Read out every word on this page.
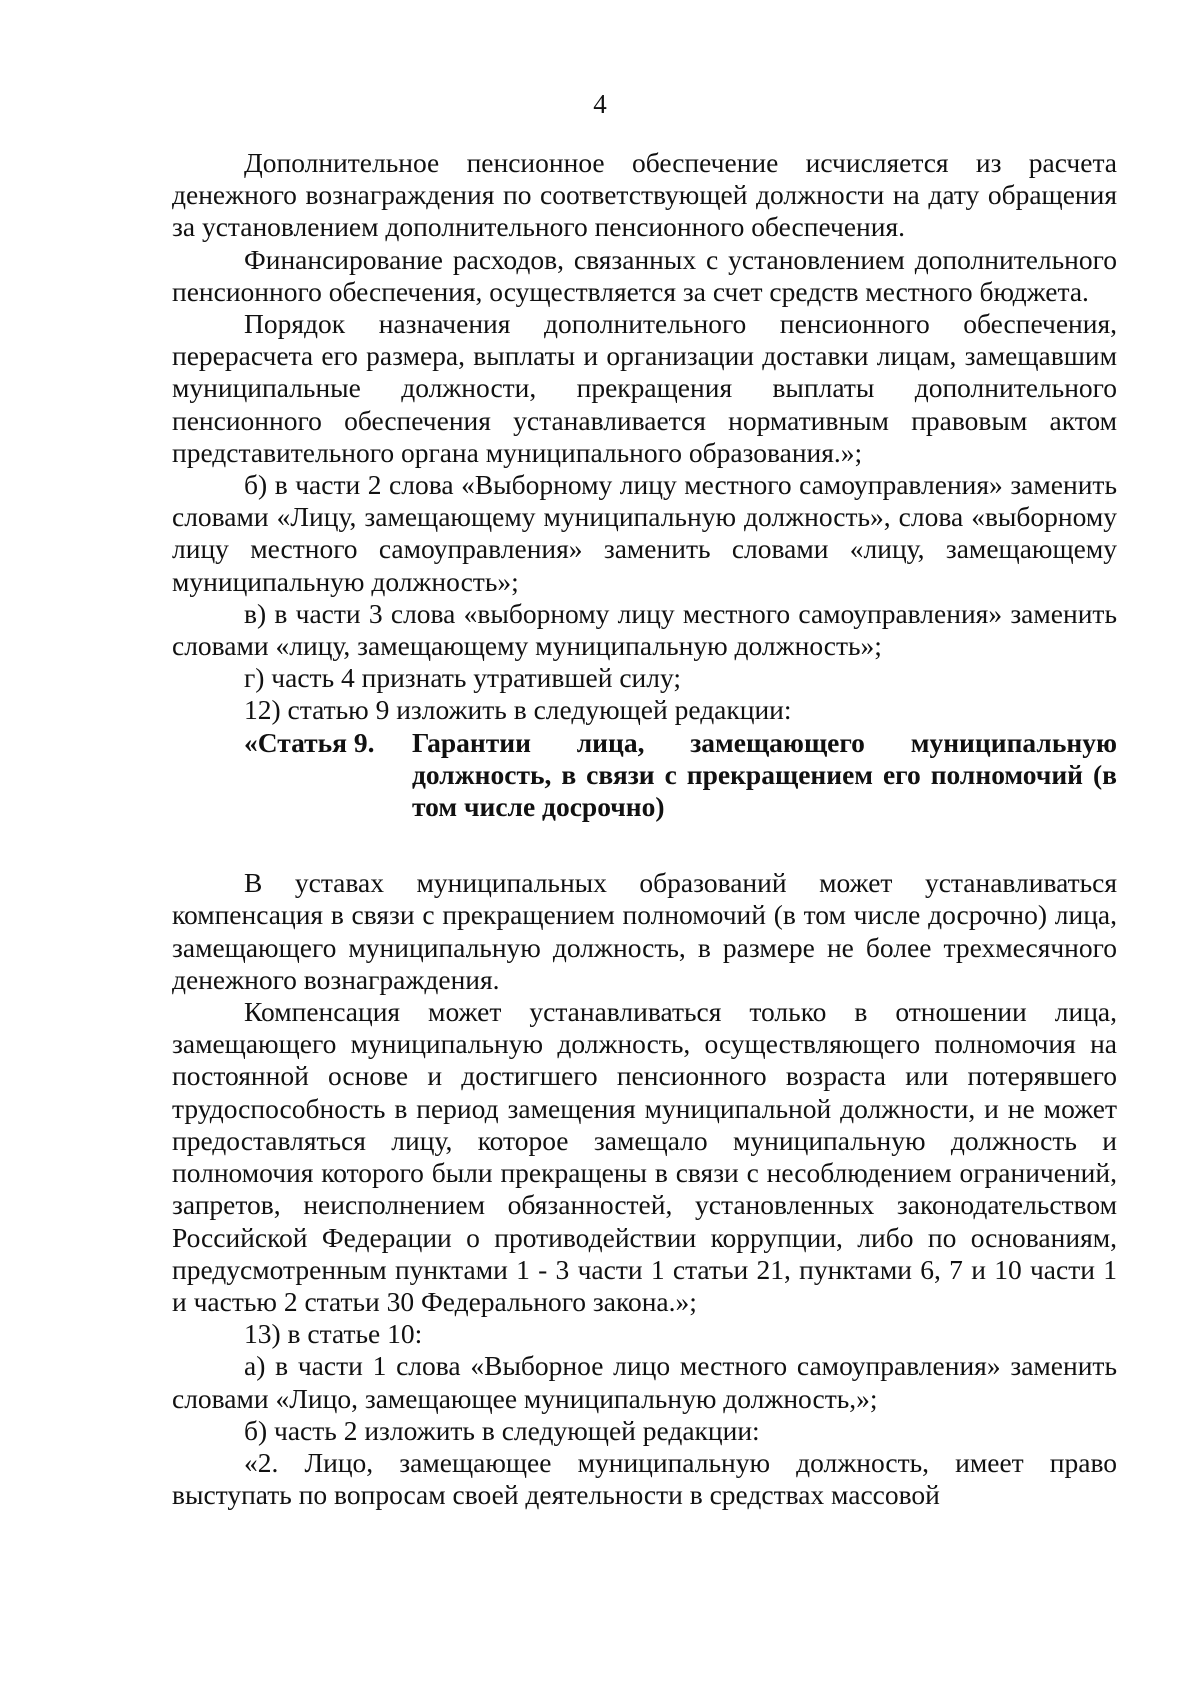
4

Дополнительное пенсионное обеспечение исчисляется из расчета денежного вознаграждения по соответствующей должности на дату обращения за установлением дополнительного пенсионного обеспечения.

Финансирование расходов, связанных с установлением дополнительного пенсионного обеспечения, осуществляется за счет средств местного бюджета.

Порядок назначения дополнительного пенсионного обеспечения, перерасчета его размера, выплаты и организации доставки лицам, замещавшим муниципальные должности, прекращения выплаты дополнительного пенсионного обеспечения устанавливается нормативным правовым актом представительного органа муниципального образования.»;

б) в части 2 слова «Выборному лицу местного самоуправления» заменить словами «Лицу, замещающему муниципальную должность», слова «выборному лицу местного самоуправления» заменить словами «лицу, замещающему муниципальную должность»;

в) в части 3 слова «выборному лицу местного самоуправления» заменить словами «лицу, замещающему муниципальную должность»;

г) часть 4 признать утратившей силу;

12) статью 9 изложить в следующей редакции:

«Статья 9.	Гарантии лица, замещающего муниципальную должность, в связи с прекращением его полномочий (в том числе досрочно)

В уставах муниципальных образований может устанавливаться компенсация в связи с прекращением полномочий (в том числе досрочно) лица, замещающего муниципальную должность, в размере не более трехмесячного денежного вознаграждения.

Компенсация может устанавливаться только в отношении лица, замещающего муниципальную должность, осуществляющего полномочия на постоянной основе и достигшего пенсионного возраста или потерявшего трудоспособность в период замещения муниципальной должности, и не может предоставляться лицу, которое замещало муниципальную должность и полномочия которого были прекращены в связи с несоблюдением ограничений, запретов, неисполнением обязанностей, установленных законодательством Российской Федерации о противодействии коррупции, либо по основаниям, предусмотренным пунктами 1 - 3 части 1 статьи 21, пунктами 6, 7 и 10 части 1 и частью 2 статьи 30 Федерального закона.»;

13) в статье 10:

а) в части 1 слова «Выборное лицо местного самоуправления» заменить словами «Лицо, замещающее муниципальную должность,»;

б) часть 2 изложить в следующей редакции:

«2. Лицо, замещающее муниципальную должность, имеет право выступать по вопросам своей деятельности в средствах массовой
